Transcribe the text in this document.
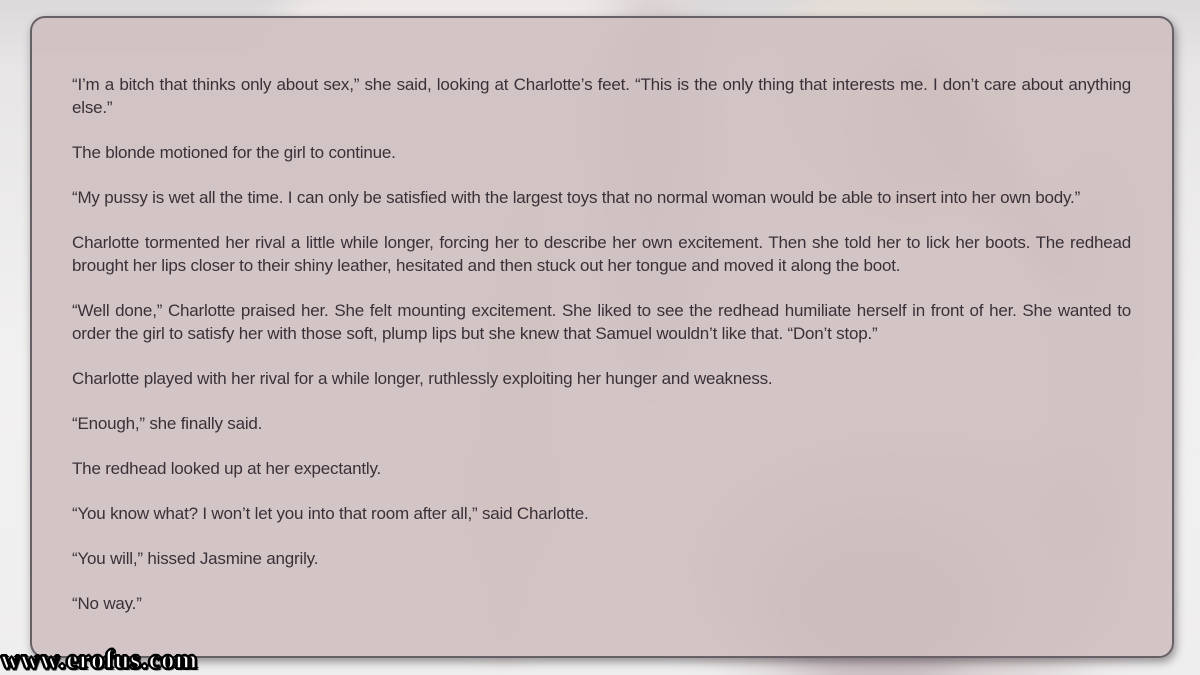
“I’m a bitch that thinks only about sex,” she said, looking at Charlotte’s feet. “This is the only thing that interests me. I don’t care about anything else.”

The blonde motioned for the girl to continue.

“My pussy is wet all the time. I can only be satisfied with the largest toys that no normal woman would be able to insert into her own body.”

Charlotte tormented her rival a little while longer, forcing her to describe her own excitement. Then she told her to lick her boots. The redhead brought her lips closer to their shiny leather, hesitated and then stuck out her tongue and moved it along the boot.

“Well done,” Charlotte praised her. She felt mounting excitement. She liked to see the redhead humiliate herself in front of her. She wanted to order the girl to satisfy her with those soft, plump lips but she knew that Samuel wouldn’t like that. “Don’t stop.”

Charlotte played with her rival for a while longer, ruthlessly exploiting her hunger and weakness.

“Enough,” she finally said.

The redhead looked up at her expectantly.

“You know what? I won’t let you into that room after all,” said Charlotte.

“You will,” hissed Jasmine angrily.

“No way.”

www.erofus.com
